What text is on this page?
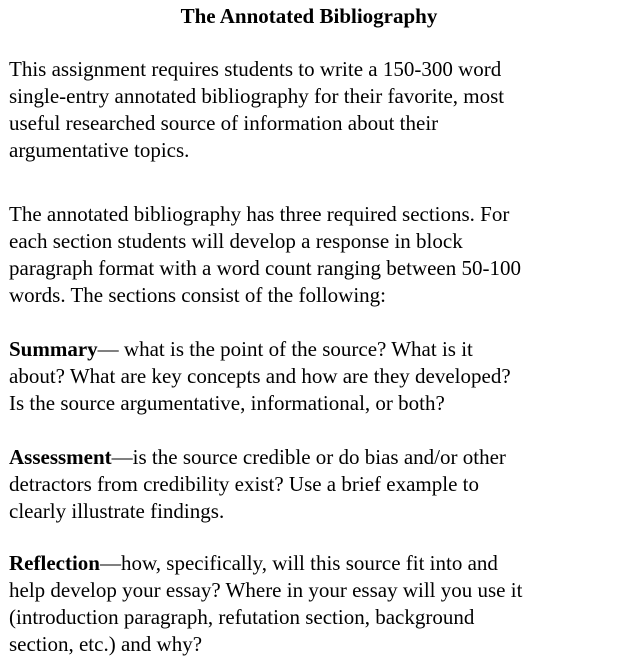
The Annotated Bibliography
This assignment requires students to write a 150-300 word
single-entry annotated bibliography for their favorite, most
useful researched source of information about their
argumentative topics.
The annotated bibliography has three required sections. For
each section students will develop a response in block
paragraph format with a word count ranging between 50-100
words. The sections consist of the following:
Summary— what is the point of the source? What is it
about? What are key concepts and how are they developed?
Is the source argumentative, informational, or both?
Assessment—is the source credible or do bias and/or other
detractors from credibility exist? Use a brief example to
clearly illustrate findings.
Reflection—how, specifically, will this source fit into and
help develop your essay? Where in your essay will you use it
(introduction paragraph, refutation section, background
section, etc.) and why?
